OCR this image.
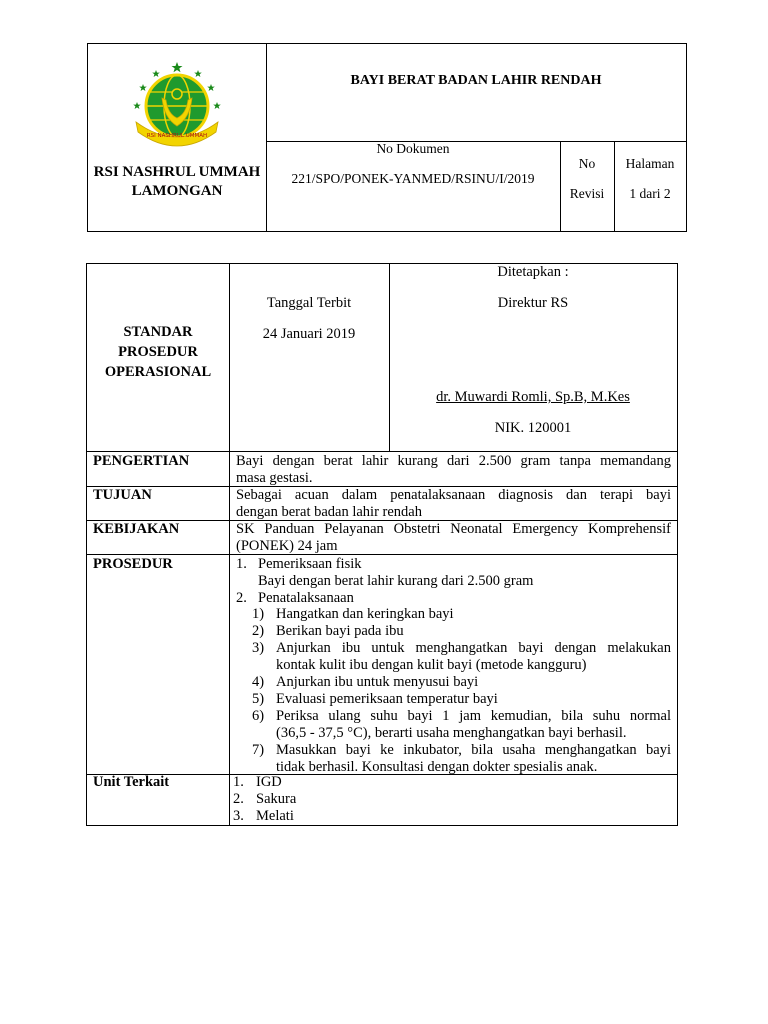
RSI NASHRUL UMMAH
RSI NASHRUL UMMAH
LAMONGAN
BAYI BERAT BADAN LAHIR RENDAH
No Dokumen
221/SPO/PONEK-YANMED/RSINU/I/2019
No
Revisi
Halaman
1 dari 2
STANDAR
PROSEDUR
OPERASIONAL
Tanggal Terbit
24 Januari 2019
Ditetapkan :
Direktur RS
dr. Muwardi Romli, Sp.B, M.Kes
NIK. 120001
PENGERTIAN
TUJUAN
KEBIJAKAN
PROSEDUR
Unit Terkait
Bayi dengan berat lahir kurang dari 2.500 gram tanpa memandang
masa gestasi.
Sebagai acuan dalam penatalaksanaan diagnosis dan terapi bayi
dengan berat badan lahir rendah
SK Panduan Pelayanan Obstetri Neonatal Emergency Komprehensif
(PONEK) 24 jam
1. Pemeriksaan fisik
Bayi dengan berat lahir kurang dari 2.500 gram
2. Penatalaksanaan
1) Hangatkan dan keringkan bayi
2) Berikan bayi pada ibu
3) Anjurkan ibu untuk menghangatkan bayi dengan melakukan
kontak kulit ibu dengan kulit bayi (metode kangguru)
4) Anjurkan ibu untuk menyusui bayi
5) Evaluasi pemeriksaan temperatur bayi
6) Periksa ulang suhu bayi 1 jam kemudian, bila suhu normal
(36,5 - 37,5 °C), berarti usaha menghangatkan bayi berhasil.
7) Masukkan bayi ke inkubator, bila usaha menghangatkan bayi
tidak berhasil. Konsultasi dengan dokter spesialis anak.
1. IGD
2. Sakura
3. Melati
